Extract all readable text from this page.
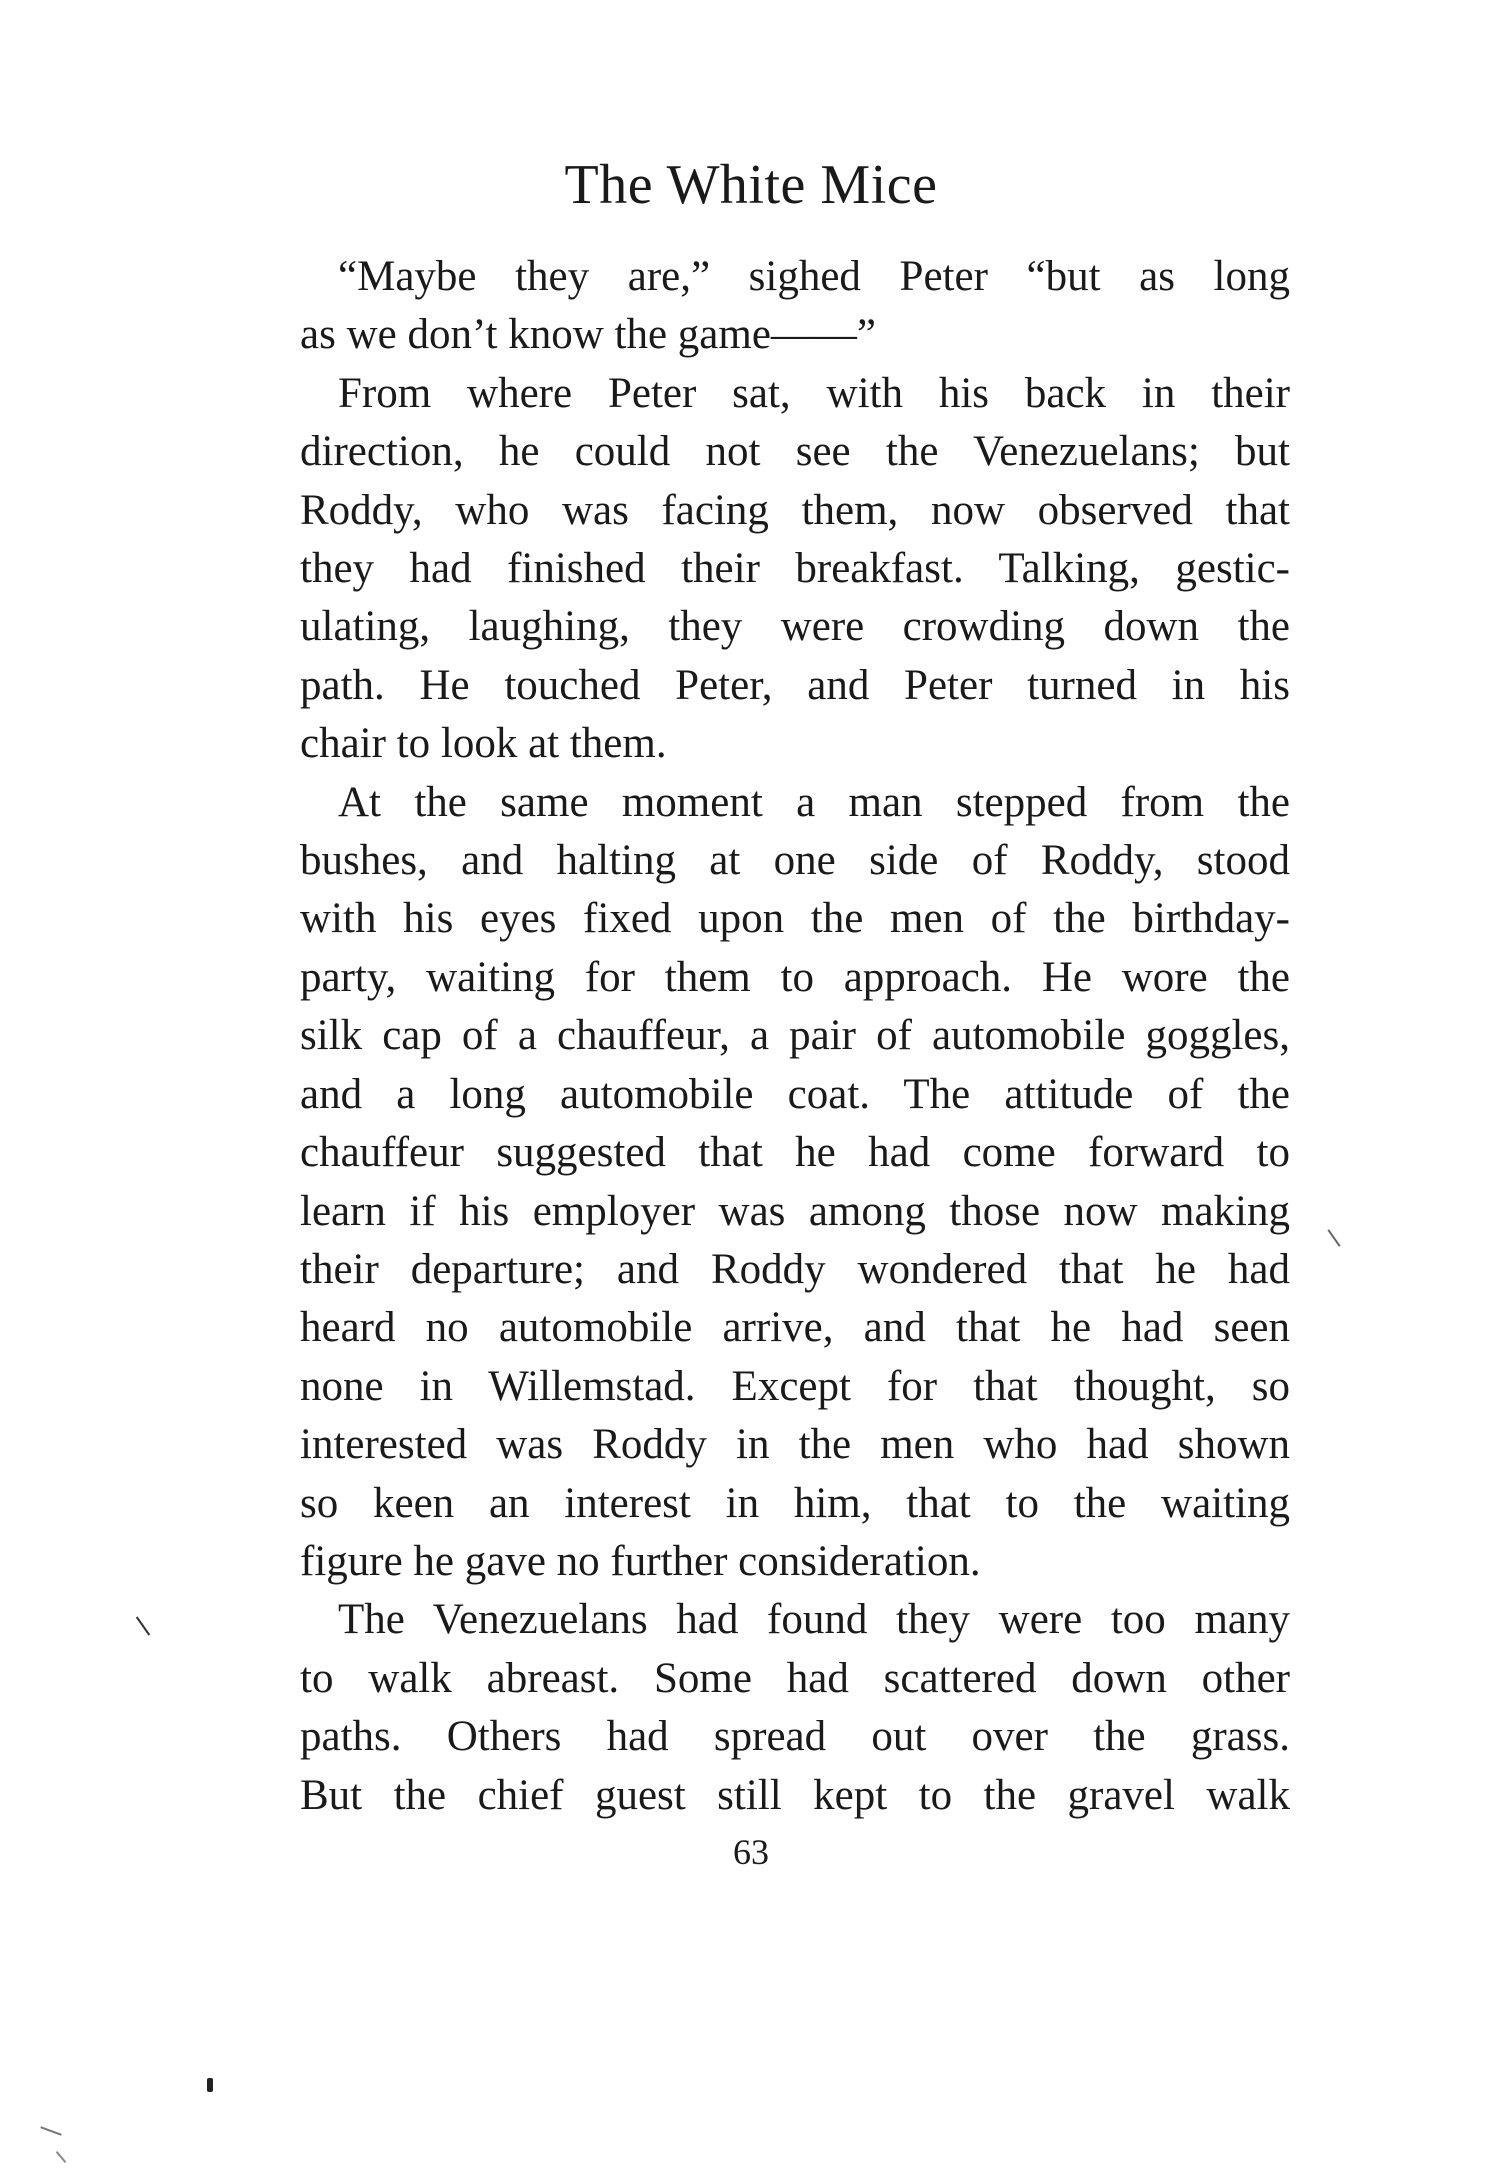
The White Mice
“Maybe they are,” sighed Peter “but as long
as we don’t know the game——”
From where Peter sat, with his back in their
direction, he could not see the Venezuelans; but
Roddy, who was facing them, now observed that
they had finished their breakfast. Talking, gestic-
ulating, laughing, they were crowding down the
path. He touched Peter, and Peter turned in his
chair to look at them.
At the same moment a man stepped from the
bushes, and halting at one side of Roddy, stood
with his eyes fixed upon the men of the birthday-
party, waiting for them to approach. He wore the
silk cap of a chauffeur, a pair of automobile goggles,
and a long automobile coat. The attitude of the
chauffeur suggested that he had come forward to
learn if his employer was among those now making
their departure; and Roddy wondered that he had
heard no automobile arrive, and that he had seen
none in Willemstad. Except for that thought, so
interested was Roddy in the men who had shown
so keen an interest in him, that to the waiting
figure he gave no further consideration.
The Venezuelans had found they were too many
to walk abreast. Some had scattered down other
paths. Others had spread out over the grass.
But the chief guest still kept to the gravel walk
63
